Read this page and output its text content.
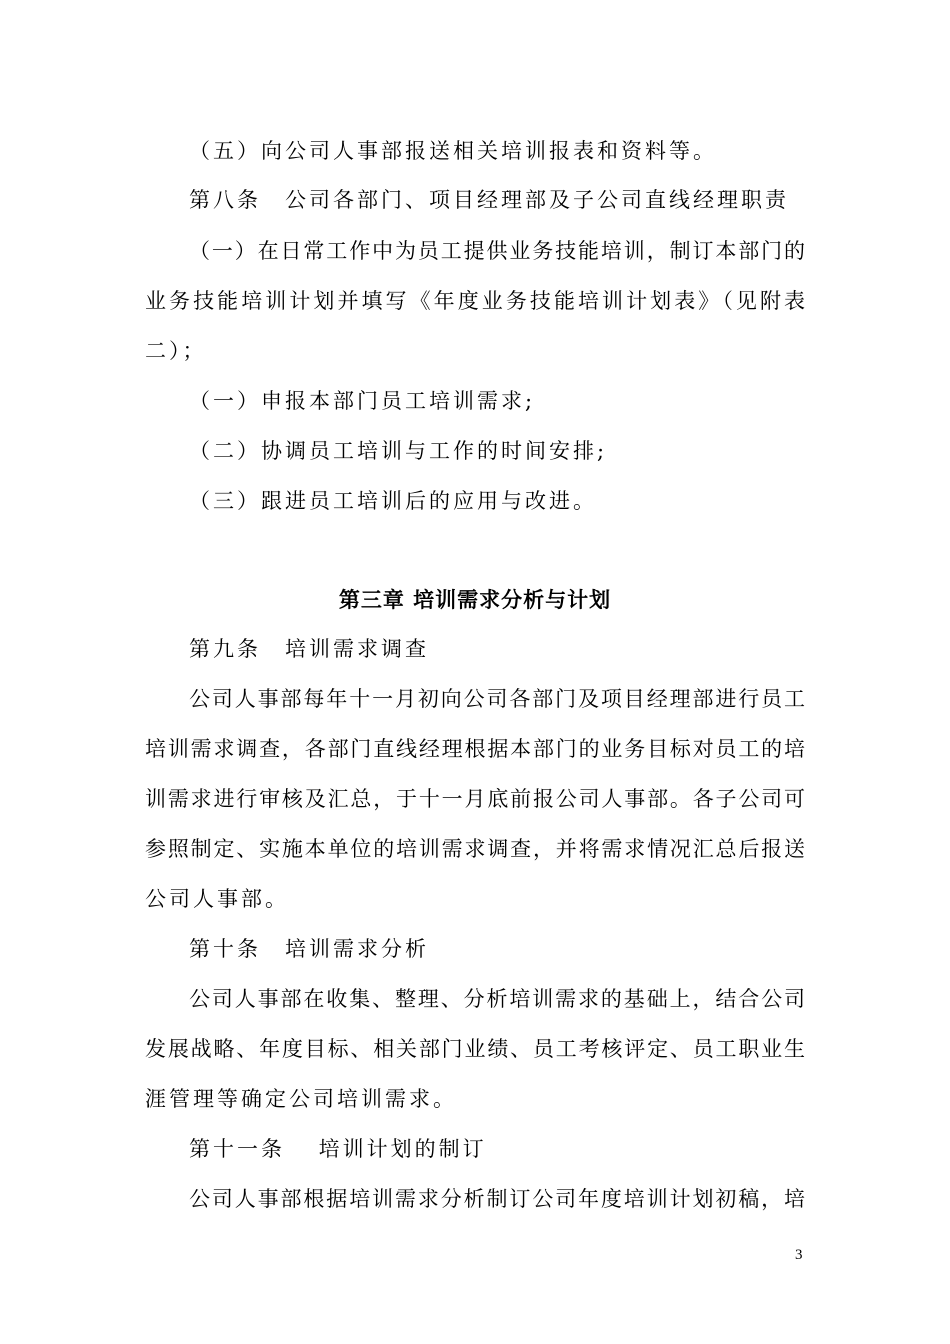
（五）向公司人事部报送相关培训报表和资料等。
第八条　公司各部门、项目经理部及子公司直线经理职责
（一）在日常工作中为员工提供业务技能培训，制订本部门的
业务技能培训计划并填写《年度业务技能培训计划表》（见附表
二）；
（一）申报本部门员工培训需求;
（二）协调员工培训与工作的时间安排;
（三）跟进员工培训后的应用与改进。
第三章 培训需求分析与计划
第九条　培训需求调查
公司人事部每年十一月初向公司各部门及项目经理部进行员工
培训需求调查，各部门直线经理根据本部门的业务目标对员工的培
训需求进行审核及汇总，于十一月底前报公司人事部。各子公司可
参照制定、实施本单位的培训需求调查，并将需求情况汇总后报送
公司人事部。
第十条　培训需求分析
公司人事部在收集、整理、分析培训需求的基础上，结合公司
发展战略、年度目标、相关部门业绩、员工考核评定、员工职业生
涯管理等确定公司培训需求。
第十一条　 培训计划的制订
公司人事部根据培训需求分析制订公司年度培训计划初稿，培
3
